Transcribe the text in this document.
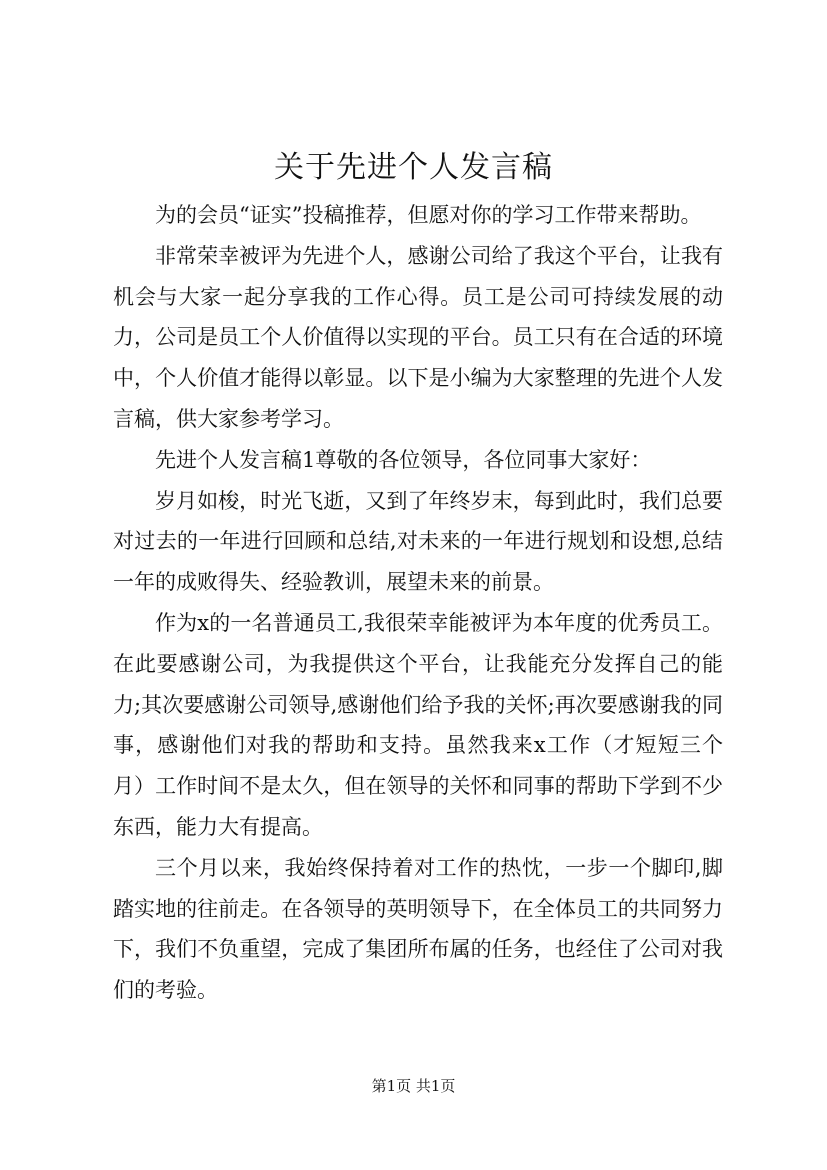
关于先进个人发言稿

为的会员“证实”投稿推荐，但愿对你的学习工作带来帮助。

非常荣幸被评为先进个人，感谢公司给了我这个平台，让我有机会与大家一起分享我的工作心得。员工是公司可持续发展的动力，公司是员工个人价值得以实现的平台。员工只有在合适的环境中，个人价值才能得以彰显。以下是小编为大家整理的先进个人发言稿，供大家参考学习。

先进个人发言稿1尊敬的各位领导，各位同事大家好：

岁月如梭，时光飞逝，又到了年终岁末，每到此时，我们总要对过去的一年进行回顾和总结,对未来的一年进行规划和设想,总结一年的成败得失、经验教训，展望未来的前景。

作为x的一名普通员工,我很荣幸能被评为本年度的优秀员工。在此要感谢公司，为我提供这个平台，让我能充分发挥自己的能力;其次要感谢公司领导,感谢他们给予我的关怀;再次要感谢我的同事，感谢他们对我的帮助和支持。虽然我来x工作（才短短三个月）工作时间不是太久，但在领导的关怀和同事的帮助下学到不少东西，能力大有提高。

三个月以来，我始终保持着对工作的热忱，一步一个脚印,脚踏实地的往前走。在各领导的英明领导下，在全体员工的共同努力下，我们不负重望，完成了集团所布属的任务，也经住了公司对我们的考验。

第1页 共1页
